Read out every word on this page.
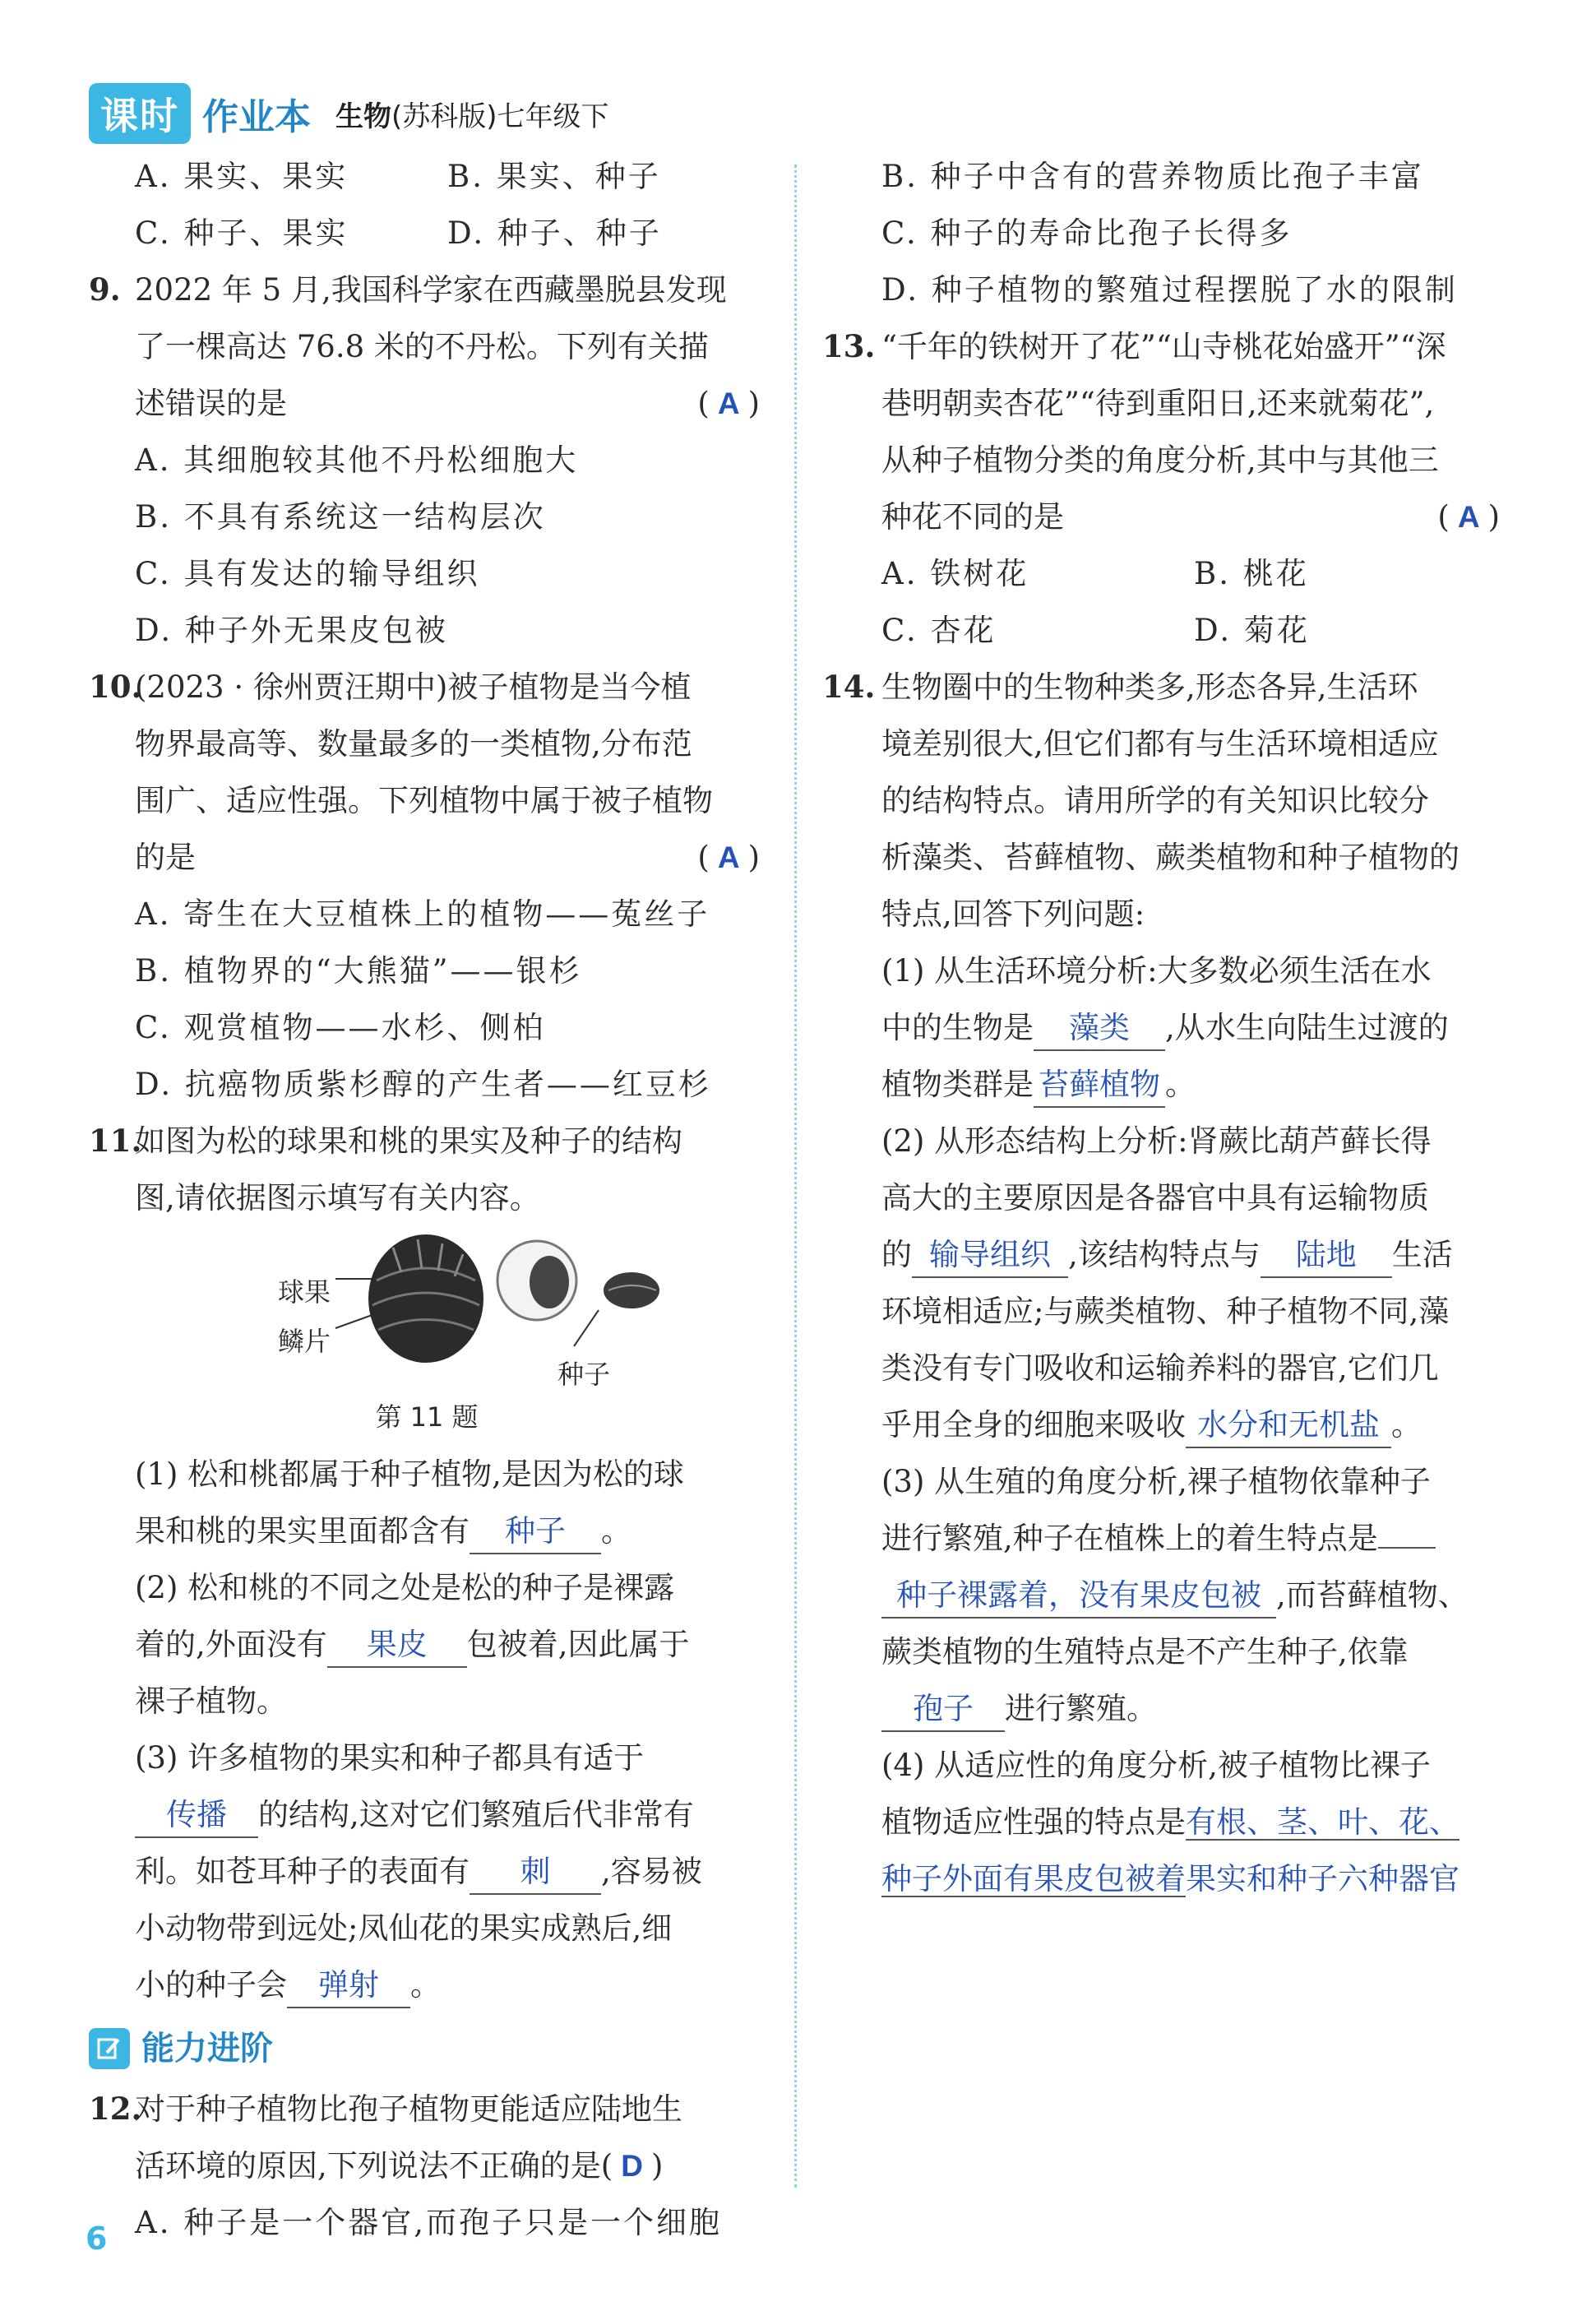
课时 作业本 生物(苏科版)七年级下
A. 果实、果实	B. 果实、种子
C. 种子、果实	D. 种子、种子
9. 2022 年 5 月,我国科学家在西藏墨脱县发现
了一棵高达 76.8 米的不丹松。下列有关描
述错误的是	( A )
A. 其细胞较其他不丹松细胞大
B. 不具有系统这一结构层次
C. 具有发达的输导组织
D. 种子外无果皮包被
10.
(2023 · 徐州贾汪期中)被子植物是当今植
物界最高等、数量最多的一类植物,分布范
围广、适应性强。下列植物中属于被子植物
的是	( A )
A. 寄生在大豆植株上的植物——菟丝子
B. 植物界的“大熊猫”——银杉
C. 观赏植物——水杉、侧柏
D. 抗癌物质紫杉醇的产生者——红豆杉
11.
如图为松的球果和桃的果实及种子的结构
图,请依据图示填写有关内容。
球果
鳞片
种子
第 11 题
(1) 松和桃都属于种子植物,是因为松的球
果和桃的果实里面都含有 种子 。
(2) 松和桃的不同之处是松的种子是裸露
着的,外面没有 果皮 包被着,因此属于
裸子植物。
(3) 许多植物的果实和种子都具有适于
传播 的结构,这对它们繁殖后代非常有
利。如苍耳种子的表面有 刺 ,容易被
小动物带到远处;凤仙花的果实成熟后,细
小的种子会 弹射 。
能力进阶
12.
对于种子植物比孢子植物更能适应陆地生
活环境的原因,下列说法不正确的是( D )
A. 种子是一个器官,而孢子只是一个细胞
B. 种子中含有的营养物质比孢子丰富
C. 种子的寿命比孢子长得多
D. 种子植物的繁殖过程摆脱了水的限制
13. “千年的铁树开了花”“山寺桃花始盛开”“深
巷明朝卖杏花”“待到重阳日,还来就菊花”,
从种子植物分类的角度分析,其中与其他三
种花不同的是	( A )
A. 铁树花	B. 桃花
C. 杏花	D. 菊花
14. 生物圈中的生物种类多,形态各异,生活环
境差别很大,但它们都有与生活环境相适应
的结构特点。请用所学的有关知识比较分
析藻类、苔藓植物、蕨类植物和种子植物的
特点,回答下列问题:
(1) 从生活环境分析:大多数必须生活在水
中的生物是 藻类 ,从水生向陆生过渡的
植物类群是 苔藓植物 。
(2) 从形态结构上分析:肾蕨比葫芦藓长得
高大的主要原因是各器官中具有运输物质
的 输导组织 ,该结构特点与 陆地 生活
环境相适应;与蕨类植物、种子植物不同,藻
类没有专门吸收和运输养料的器官,它们几
乎用全身的细胞来吸收 水分和无机盐 。
(3) 从生殖的角度分析,裸子植物依靠种子
进行繁殖,种子在植株上的着生特点是
种子裸露着，没有果皮包被 ,而苔藓植物、
蕨类植物的生殖特点是不产生种子,依靠
孢子 进行繁殖。
(4) 从适应性的角度分析,被子植物比裸子
植物适应性强的特点是有根、茎、叶、花、
种子外面有果皮包被着果实和种子六种器官
6
